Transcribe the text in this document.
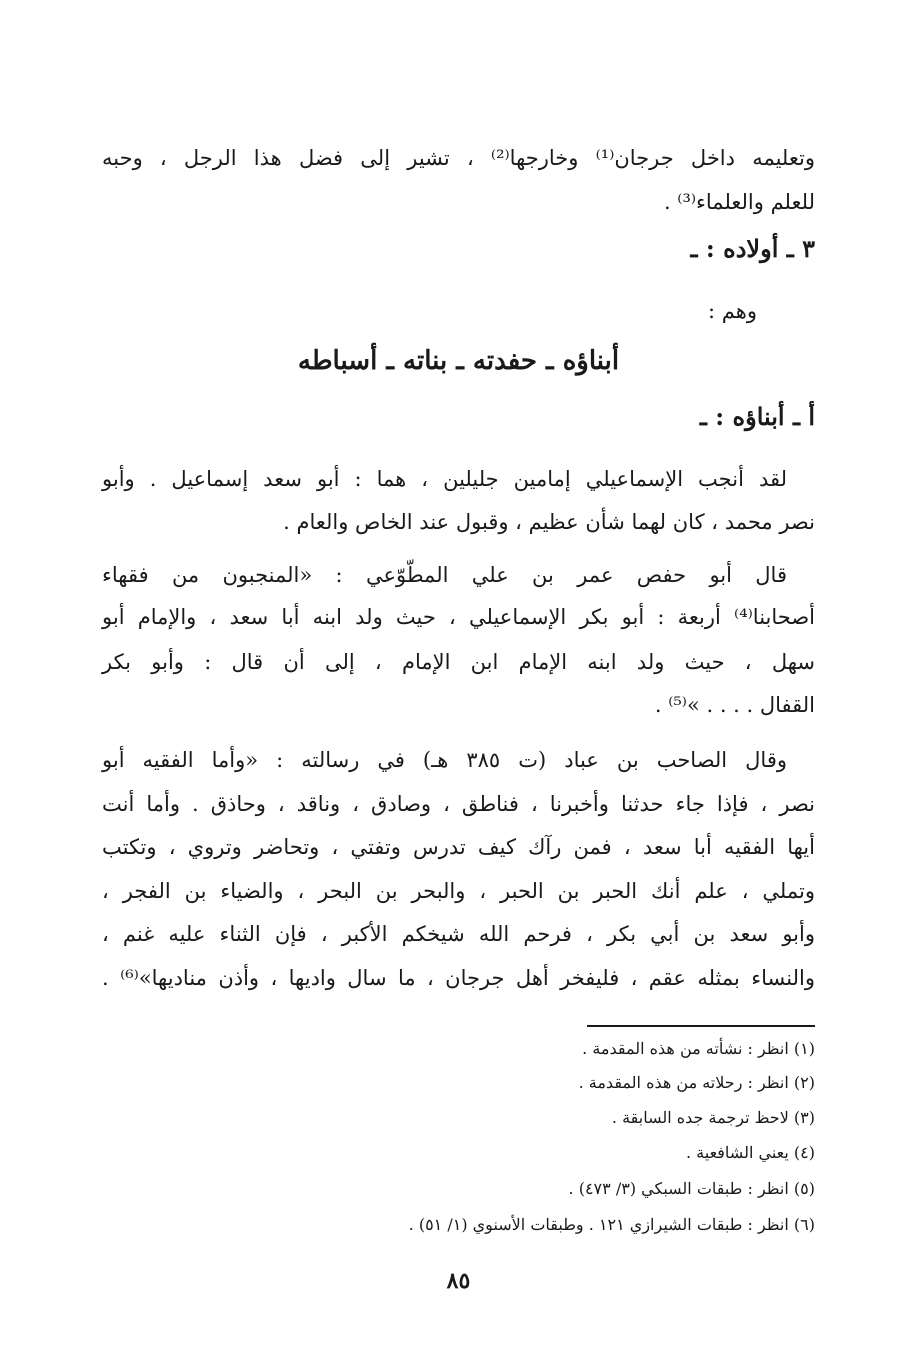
وتعليمه داخل جرجان⁽¹⁾ وخارجها⁽²⁾ ، تشير إلى فضل هذا الرجل ، وحبه
للعلم والعلماء⁽³⁾ .
٣ ـ أولاده : ـ
وهم :
أبناؤه ـ حفدته ـ بناته ـ أسباطه
أ ـ أبناؤه : ـ
لقد أنجب الإسماعيلي إمامين جليلين ، هما : أبو سعد إسماعيل . وأبو
نصر محمد ، كان لهما شأن عظيم ، وقبول عند الخاص والعام .
قال أبو حفص عمر بن علي المطّوّعي : «المنجبون من فقهاء
أصحابنا⁽⁴⁾ أربعة : أبو بكر الإسماعيلي ، حيث ولد ابنه أبا سعد ، والإمام أبو
سهل ، حيث ولد ابنه الإمام ابن الإمام ، إلى أن قال : وأبو بكر
القفال . . . . »⁽⁵⁾ .
وقال الصاحب بن عباد (ت ٣٨٥ هـ) في رسالته : «وأما الفقيه أبو
نصر ، فإذا جاء حدثنا وأخبرنا ، فناطق ، وصادق ، وناقد ، وحاذق . وأما أنت
أيها الفقيه أبا سعد ، فمن رآك كيف تدرس وتفتي ، وتحاضر وتروي ، وتكتب
وتملي ، علم أنك الحبر بن الحبر ، والبحر بن البحر ، والضياء بن الفجر ،
وأبو سعد بن أبي بكر ، فرحم الله شيخكم الأكبر ، فإن الثناء عليه غنم ،
والنساء بمثله عقم ، فليفخر أهل جرجان ، ما سال واديها ، وأذن مناديها»⁽⁶⁾ .
(١) انظر : نشأته من هذه المقدمة .
(٢) انظر : رحلاته من هذه المقدمة .
(٣) لاحظ ترجمة جده السابقة .
(٤) يعني الشافعية .
(٥) انظر : طبقات السبكي (٣/ ٤٧٣) .
(٦) انظر : طبقات الشيرازي ١٢١ . وطبقات الأسنوي (١/ ٥١) .
٨٥
